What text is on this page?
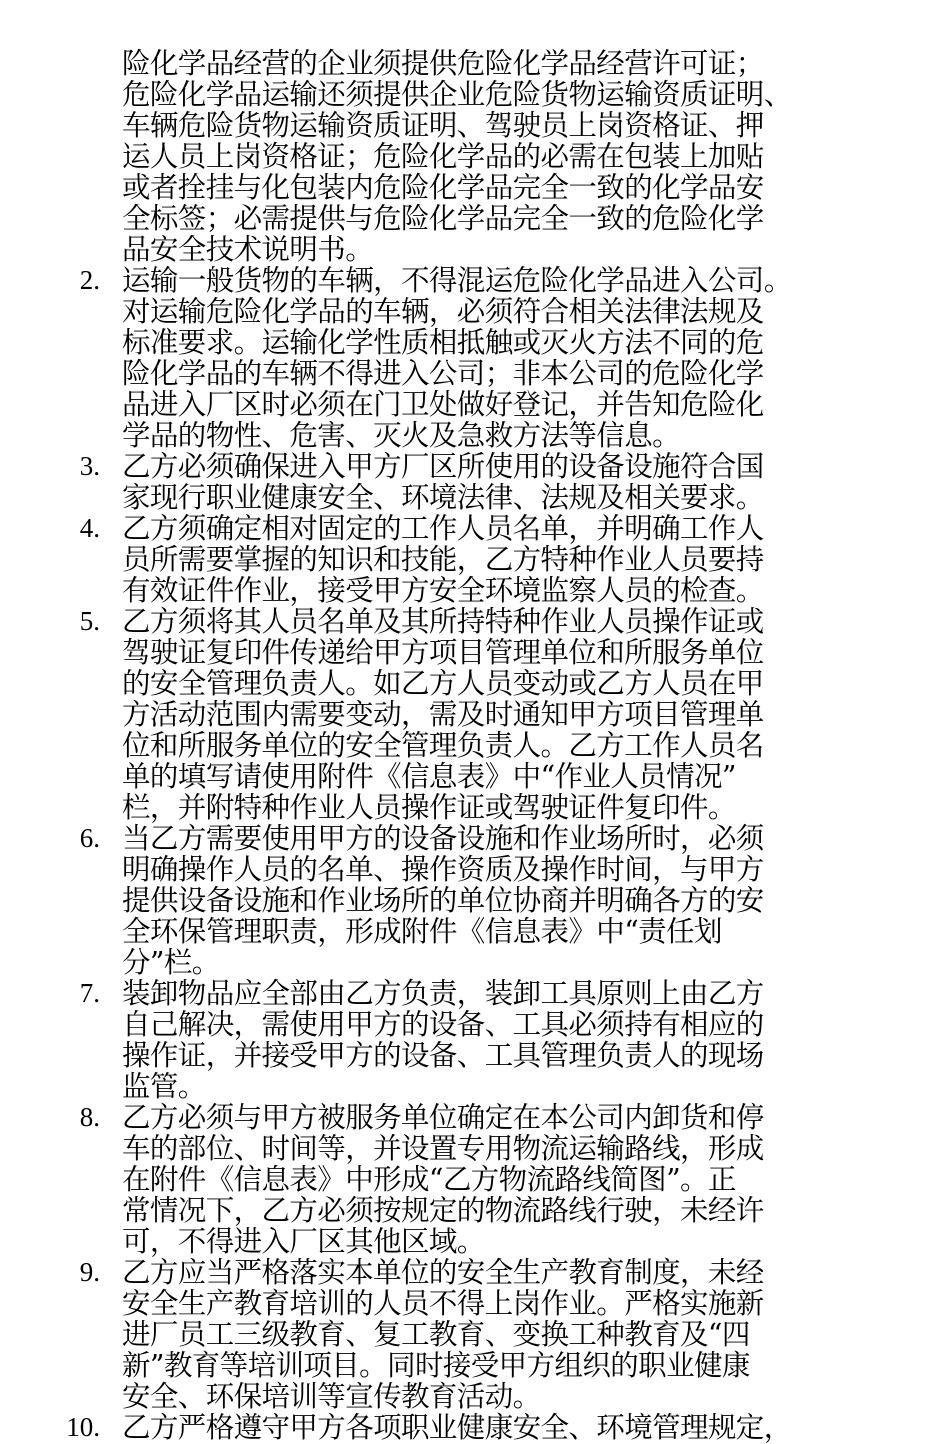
险化学品经营的企业须提供危险化学品经营许可证；

危险化学品运输还须提供企业危险货物运输资质证明、

车辆危险货物运输资质证明、驾驶员上岗资格证、押

运人员上岗资格证；危险化学品的必需在包装上加贴

或者拴挂与化包装内危险化学品完全一致的化学品安

全标签；必需提供与危险化学品完全一致的危险化学

品安全技术说明书。

2. 运输一般货物的车辆，不得混运危险化学品进入公司。

对运输危险化学品的车辆，必须符合相关法律法规及

标准要求。运输化学性质相抵触或灭火方法不同的危

险化学品的车辆不得进入公司；非本公司的危险化学

品进入厂区时必须在门卫处做好登记，并告知危险化

学品的物性、危害、灭火及急救方法等信息。

3. 乙方必须确保进入甲方厂区所使用的设备设施符合国

家现行职业健康安全、环境法律、法规及相关要求。

4. 乙方须确定相对固定的工作人员名单，并明确工作人

员所需要掌握的知识和技能，乙方特种作业人员要持

有效证件作业，接受甲方安全环境监察人员的检查。

5. 乙方须将其人员名单及其所持特种作业人员操作证或

驾驶证复印件传递给甲方项目管理单位和所服务单位

的安全管理负责人。如乙方人员变动或乙方人员在甲

方活动范围内需要变动，需及时通知甲方项目管理单

位和所服务单位的安全管理负责人。乙方工作人员名

单的填写请使用附件《信息表》中“作业人员情况”

栏，并附特种作业人员操作证或驾驶证件复印件。

6. 当乙方需要使用甲方的设备设施和作业场所时，必须

明确操作人员的名单、操作资质及操作时间，与甲方

提供设备设施和作业场所的单位协商并明确各方的安

全环保管理职责，形成附件《信息表》中“责任划

分”栏。

7. 装卸物品应全部由乙方负责，装卸工具原则上由乙方

自己解决，需使用甲方的设备、工具必须持有相应的

操作证，并接受甲方的设备、工具管理负责人的现场

监管。

8. 乙方必须与甲方被服务单位确定在本公司内卸货和停

车的部位、时间等，并设置专用物流运输路线，形成

在附件《信息表》中形成“乙方物流路线简图”。正

常情况下，乙方必须按规定的物流路线行驶，未经许

可，不得进入厂区其他区域。

9. 乙方应当严格落实本单位的安全生产教育制度，未经

安全生产教育培训的人员不得上岗作业。严格实施新

进厂员工三级教育、复工教育、变换工种教育及“四

新”教育等培训项目。同时接受甲方组织的职业健康

安全、环保培训等宣传教育活动。

10. 乙方严格遵守甲方各项职业健康安全、环境管理规定，
